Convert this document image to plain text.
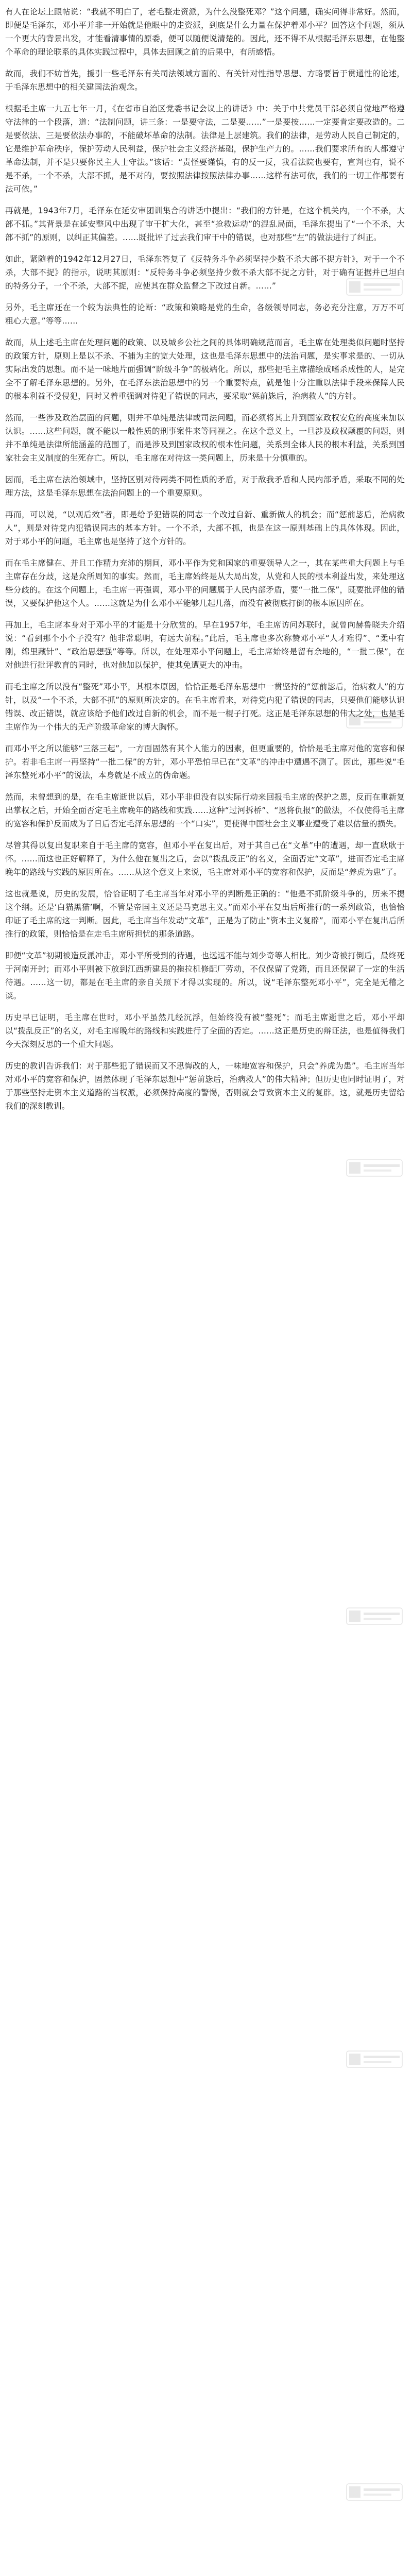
有人在论坛上跟帖说：“我就不明白了，老毛整走资派，为什么没整死邓？”这个问题，确实问得非常好。然而，即便是毛泽东，邓小平并非一开始就是他眼中的走资派，到底是什么力量在保护着邓小平？回答这个问题，须从一个更大的背景出发，才能看清事情的原委，便可以随便说清楚的。因此，还不得不从根据毛泽东思想，在他整个革命的理论联系的具体实践过程中，具体去回顾之前的后果中，有所感悟。

故而，我们不妨首先，援引一些毛泽东有关司法领域方面的、有关针对性指导思想、方略要旨于贯通性的论述，于毛泽东思想中的相关建国法治观念。

根据毛主席一九五七年一月，《在省市自治区党委书记会议上的讲话》中：关于中共党员干部必须自觉地严格遵守法律的一个段落，道：“法制问题，讲三条：一是要守法，二是要……”一是要按……一定要肯定要改造的。二是要依法、三是要依法办事的，不能破坏革命的法制。法律是上层建筑。我们的法律，是劳动人民自己制定的，它是维护革命秩序，保护劳动人民利益，保护社会主义经济基础，保护生产力的。……我们要求所有的人都遵守革命法制，并不是只要你民主人士守法。”该话：“责怪要谨慎，有的反一反，我看法院也要有，宣判也有，说不是不杀，一个不杀，大部不抓，是不对的，要按照法律按照法律办事……这样有法可依，我们的一切工作都要有法可依。”

再就是，1943年7月，毛泽东在延安审团训集合的讲话中提出：“我们的方针是，在这个机关内，一个不杀，大部不抓。”其背景是在延安整风中出现了审干扩大化，甚至“抢救运动”的混乱局面，毛泽东提出了“一个不杀，大部不抓”的原则，以纠正其偏差。……既批评了过去我们审干中的错误，也对那些“左”的做法进行了纠正。

如此，紧随着的1942年12月27日，毛泽东答复了《反特务斗争必须坚持少数不杀大部不捉方针》，对于一个不杀，大部不捉》的指示，说明其原则：“反特务斗争必须坚持少数不杀大部不捉之方针，对于确有证据并已坦白的特务分子，一个不杀，大部不捉，应使其在群众监督之下改过自新。……”

另外，毛主席还在一个较为法典性的论断：“政策和策略是党的生命，各级领导同志，务必充分注意，万万不可粗心大意。”等等……

故而，从上述毛主席在处理问题的政策、以及城乡公社之间的具体明确规范而言，毛主席在处理类似问题时坚持的政策方针，原则上是以不杀、不捕为主的宽大处理，这也是毛泽东思想中的法治问题，是实事求是的、一切从实际出发的思想。而不是一味地片面强调“阶级斗争”的极端化。所以，那些把毛主席描绘成嗜杀成性的人，是完全不了解毛泽东思想的。另外，在毛泽东法治思想中的另一个重要特点，就是他十分注重以法律手段来保障人民的根本利益不受侵犯，同时又着重强调对待犯了错误的同志，要采取“惩前毖后，治病救人”的方针。

然而，一些涉及政治层面的问题，则并不单纯是法律或司法问题，而必须将其上升到国家政权安危的高度来加以认识。……这些问题，就不能以一般性质的刑事案件来等同视之。在这个意义上，一旦涉及政权颠覆的问题，则并不单纯是法律所能涵盖的范围了，而是涉及到国家政权的根本性问题，关系到全体人民的根本利益，关系到国家社会主义制度的生死存亡。所以，毛主席在对待这一类问题上，历来是十分慎重的。

因而，毛主席在法治领域中，坚持区别对待两类不同性质的矛盾，对于敌我矛盾和人民内部矛盾，采取不同的处理方法，这是毛泽东思想在法治问题上的一个重要原则。

再而，可以说，“以观后效”者，即是给予犯错误的同志一个改过自新、重新做人的机会；而“惩前毖后，治病救人”，则是对待党内犯错误同志的基本方针。一个不杀，大部不抓，也是在这一原则基础上的具体体现。因此，对于邓小平的问题，毛主席也是坚持了这个方针的。

而在毛主席健在、并且工作精力充沛的期间，邓小平作为党和国家的重要领导人之一，其在某些重大问题上与毛主席存在分歧，这是众所周知的事实。然而，毛主席始终是从大局出发，从党和人民的根本利益出发，来处理这些分歧的。在这个问题上，毛主席一再强调，邓小平的问题属于人民内部矛盾，要“一批二保”，既要批评他的错误，又要保护他这个人。……这就是为什么邓小平能够几起几落，而没有被彻底打倒的根本原因所在。

再加上，毛主席本身对于邓小平的才能是十分欣赏的。早在1957年，毛主席访问苏联时，就曾向赫鲁晓夫介绍说：“看到那个小个子没有？他非常聪明，有远大前程。”此后，毛主席也多次称赞邓小平“人才难得”、“柔中有刚，绵里藏针”、“政治思想强”等等。所以，在处理邓小平问题上，毛主席始终是留有余地的，“一批二保”，在对他进行批评教育的同时，也对他加以保护，使其免遭更大的冲击。

而毛主席之所以没有“整死”邓小平，其根本原因，恰恰正是毛泽东思想中一贯坚持的“惩前毖后，治病救人”的方针，以及“一个不杀，大部不抓”的原则所决定的。在毛主席看来，对待党内犯了错误的同志，只要他们能够认识错误、改正错误，就应该给予他们改过自新的机会，而不是一棍子打死。这正是毛泽东思想的伟大之处，也是毛主席作为一个伟大的无产阶级革命家的博大胸怀。

而邓小平之所以能够“三落三起”，一方面固然有其个人能力的因素，但更重要的，恰恰是毛主席对他的宽容和保护。若非毛主席一再坚持“一批二保”的方针，邓小平恐怕早已在“文革”的冲击中遭遇不测了。因此，那些说“毛泽东整死邓小平”的说法，本身就是不成立的伪命题。

然而，未曾想到的是，在毛主席逝世以后，邓小平非但没有以实际行动来回报毛主席的保护之恩，反而在重新复出掌权之后，开始全面否定毛主席晚年的路线和实践……这种“过河拆桥”、“恩将仇报”的做法，不仅使得毛主席的宽容和保护反而成为了日后否定毛泽东思想的一个“口实”，更使得中国社会主义事业遭受了难以估量的损失。

尽管其得以复出复职来自于毛主席的宽容，但邓小平在复出后，对于其自己在“文革”中的遭遇，却一直耿耿于怀。……而这也正好解释了，为什么他在复出之后，会以“拨乱反正”的名义，全面否定“文革”，进而否定毛主席晚年的路线与实践的原因所在。……从这个意义上来说，毛主席对邓小平的宽容和保护，反而是“养虎为患”了。

这也就是说，历史的发展，恰恰证明了毛主席当年对邓小平的判断是正确的：“他是不抓阶级斗争的，历来不提这个纲。还是‘白猫黑猫’啊，不管是帝国主义还是马克思主义。”而邓小平在复出后所推行的一系列政策，也恰恰印证了毛主席的这一判断。因此，毛主席当年发动“文革”，正是为了防止“资本主义复辟”，而邓小平在复出后所推行的政策，则恰恰是在走毛主席所担忧的那条道路。

即便“文革”初期被造反派冲击，邓小平所受到的待遇，也远远不能与刘少奇等人相比。刘少奇被打倒后，最终死于河南开封；而邓小平则被下放到江西新建县的拖拉机修配厂劳动，不仅保留了党籍，而且还保留了一定的生活待遇。……这一切，都是在毛主席的亲自关照下才得以实现的。所以，说“毛泽东整死邓小平”，完全是无稽之谈。

历史早已证明，毛主席在世时，邓小平虽然几经沉浮，但始终没有被“整死”；而毛主席逝世之后，邓小平却以“拨乱反正”的名义，对毛主席晚年的路线和实践进行了全面的否定。……这正是历史的辩证法，也是值得我们今天深刻反思的一个重大问题。

历史的教训告诉我们：对于那些犯了错误而又不思悔改的人，一味地宽容和保护，只会“养虎为患”。毛主席当年对邓小平的宽容和保护，固然体现了毛泽东思想中“惩前毖后，治病救人”的伟大精神；但历史也同时证明了，对于那些坚持走资本主义道路的当权派，必须保持高度的警惕，否则就会导致资本主义的复辟。这，就是历史留给我们的深刻教训。
